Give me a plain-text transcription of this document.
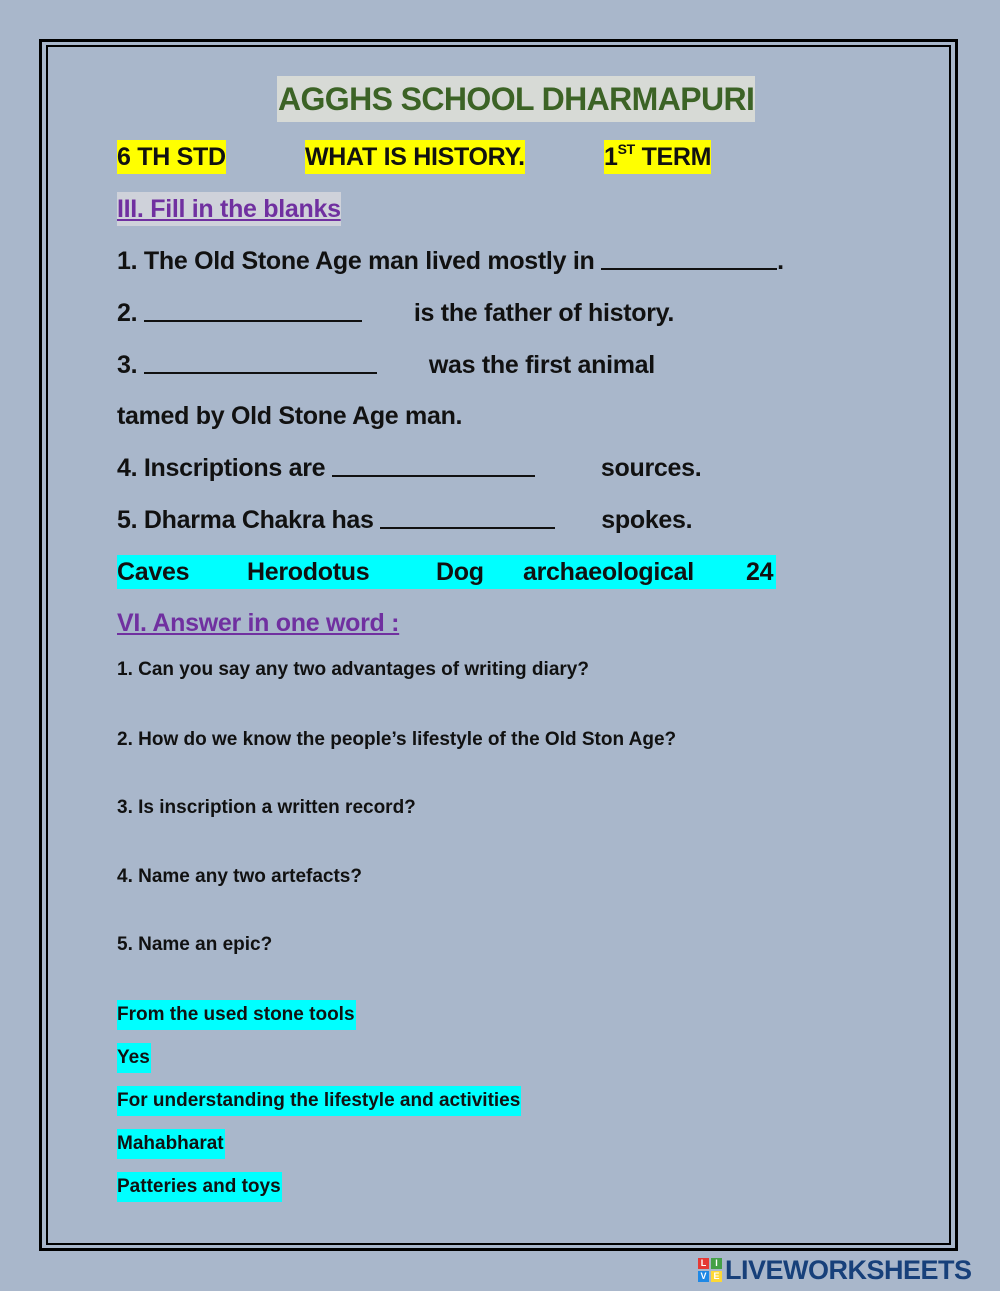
AGGHS SCHOOL DHARMAPURI
6 TH STD	WHAT IS HISTORY.	1ST TERM
III. Fill in the blanks
1. The Old Stone Age man lived mostly in	.
2.	is the father of history.
3.	was the first animal
tamed by Old Stone Age man.
4. Inscriptions are	sources.
5. Dharma Chakra has	spokes.
Caves Herodotus	Dog archaeological 24
VI. Answer in one word :
1. Can you say any two advantages of writing diary?
2. How do we know the people’s lifestyle of the Old Ston Age?
3. Is inscription a written record?
4. Name any two artefacts?
5. Name an epic?
From the used stone tools
Yes
For understanding the lifestyle and activities
Mahabharat
Patteries and toys
L I
V E LIVEWORKSHEETS
